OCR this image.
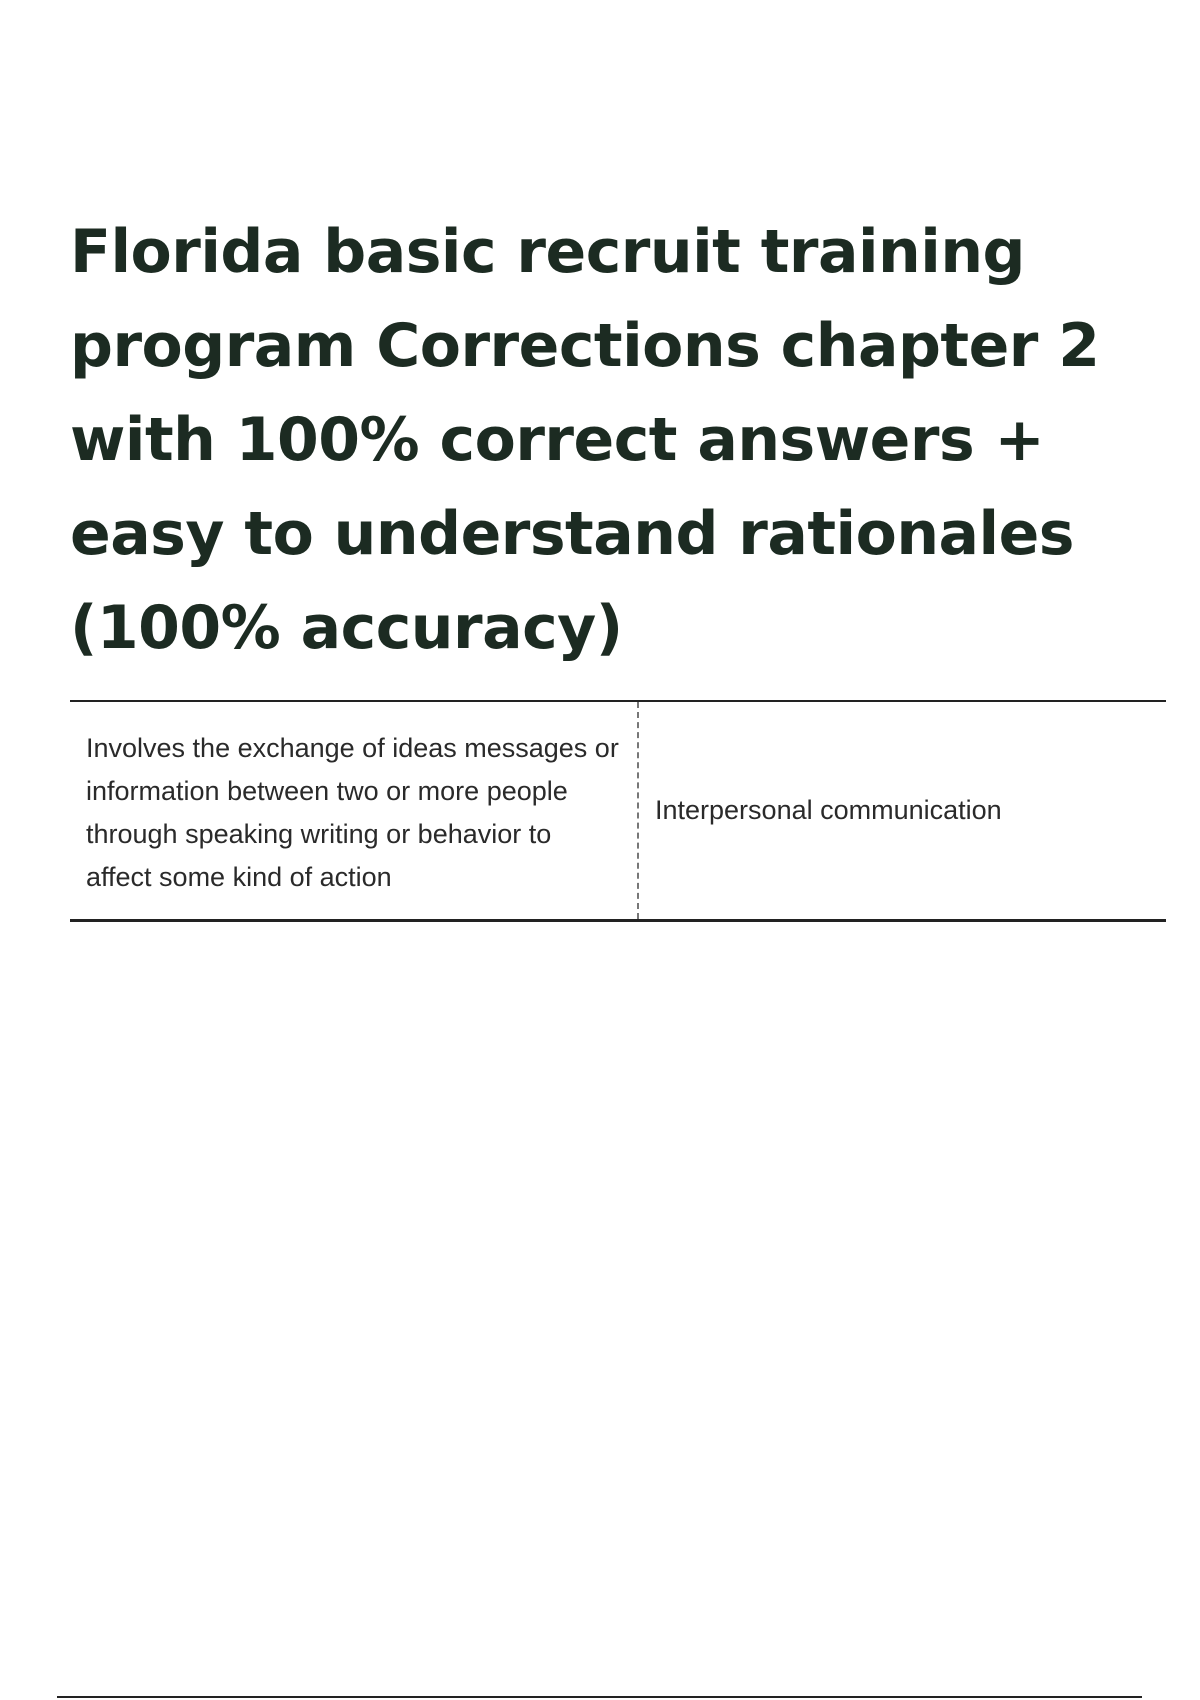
Florida basic recruit training program Corrections chapter 2 with 100% correct answers + easy to understand rationales (100% accuracy)
Involves the exchange of ideas messages or information between two or more people through speaking writing or behavior to affect some kind of action	Interpersonal communication
